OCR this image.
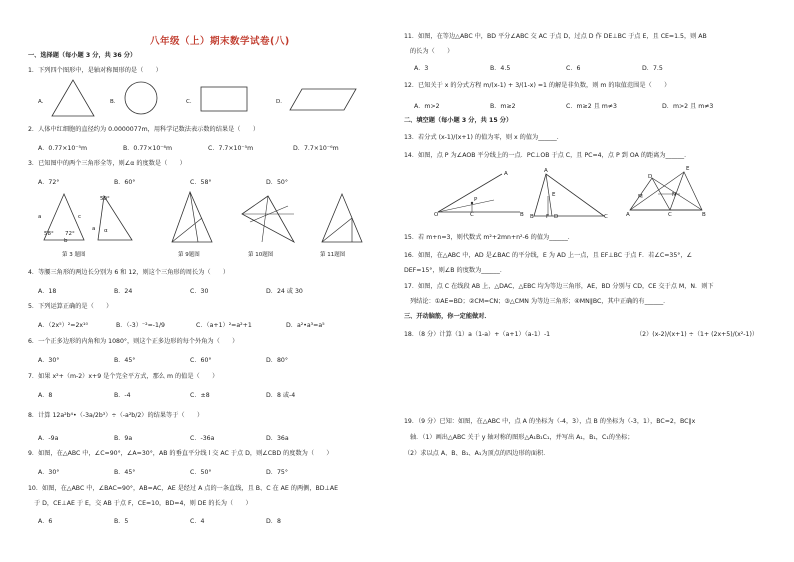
八年级（上）期末数学试卷(八)
一、选择题（每小题 3 分，共 36 分）
1．下列四个图形中，是轴对称图形的是（　　）
A．	B．	C．	D．
2．人体中红细胞的直径约为 0.0000077m，用科学记数法表示数的结果是（　　）
A．0.77×10⁻⁵m	B．0.77×10⁻⁶m	C．7.7×10⁻⁵m	D．7.7×10⁻⁶m
3．已知图中的两个三角形全等，则∠α 的度数是（　　）
A．72°	B．60°	C．58°	D．50°
a	c
b
a α
58° 72°
50°
第 3 题图	第 9题图	第 10题图	第 11题图
4．等腰三角形的两边长分别为 6 和 12，则这个三角形的周长为（　　）
A．18	B．24	C．30	D．24 或 30
5．下列运算正确的是（　　）
A．（2x⁵）²=2x¹⁰	B．（-3）⁻²=-1/9	C．（a+1）²=a²+1	D．a²•a³=a⁵
6．一个正多边形的内角和为 1080°，则这个正多边形的每个外角为（　　）
A．30°	B．45°	C．60°	D．80°
7．如果 x²+（m-2）x+9 是个完全平方式，那么 m 的值是（　　）
A．8	B．-4	C．±8	D．8 或-4
8．计算 12a²b⁴•（-3a/2b³）÷（-a²b/2）的结果等于（　　）
A．-9a	B．9a	C．-36a	D．36a
9．如图，在△ABC 中，∠C=90°，∠A=30°，AB 的垂直平分线 l 交 AC 于点 D，则∠CBD 的度数为（　　）
A．30°	B．45°	C．50°	D．75°
10．如图，在△ABC 中，∠BAC=90°，AB=AC，AE 是经过 A 点的一条直线，且 B、C 在 AE 的两侧，BD⊥AE
于 D，CE⊥AE 于 E，交 AB 于点 F，CE=10，BD=4，则 DE 的长为（　　）
A．6	B．5	C．4	D．8
11．如图，在等边△ABC 中，BD 平分∠ABC 交 AC 于点 D，过点 D 作 DE⊥BC 于点 E，且 CE=1.5，则 AB
的长为（　　）
A．3	B．4.5	C．6	D．7.5
12．已知关于 x 的分式方程 m/(x-1) + 3/(1-x) =1 的解是非负数，则 m 的取值范围是（　　）
A．m>2	B．m≥2	C．m≥2 且 m≠3	D．m>2 且 m≠3
二、填空题（每小题 3 分，共 15 分）
13．若分式 (x-1)/(x+1) 的值为零，则 x 的值为______．
14．如图，点 P 为∠AOB 平分线上的一点．PC⊥OB 于点 C，且 PC=4，点 P 到 OA 的距离为______．
A
P
O	C	B
A
E
B F D	C
E
D
M	N
A	C	B
15．若 m+n=3，则代数式 m²+2mn+n²-6 的值为______．
16．如图，在△ABC 中，AD 是∠BAC 的平分线，E 为 AD 上一点，且 EF⊥BC 于点 F．若∠C=35°，∠
DEF=15°，则∠B 的度数为______．
17．如图，点 C 在线段 AB 上，△DAC，△EBC 均为等边三角形，AE，BD 分别与 CD，CE 交于点 M，N．则下
列结论：①AE=BD；②CM=CN；③△CMN 为等边三角形；④MN∥BC，其中正确的有______．
三、开动脑筋，你一定能做对．
18．（8 分）计算（1）a（1-a）+（a+1）（a-1）-1	（2）(x-2)/(x+1) ÷（1+ (2x+5)/(x²-1)）
19．（9 分）已知：如图，在△ABC 中，点 A 的坐标为（-4，3），点 B 的坐标为（-3，1），BC=2，BC∥x
轴．（1）画出△ABC 关于 y 轴对称的图形△A₁B₁C₁，并写出 A₁，B₁，C₁的坐标；
（2）求以点 A、B、B₁、A₁为顶点的四边形的面积．
